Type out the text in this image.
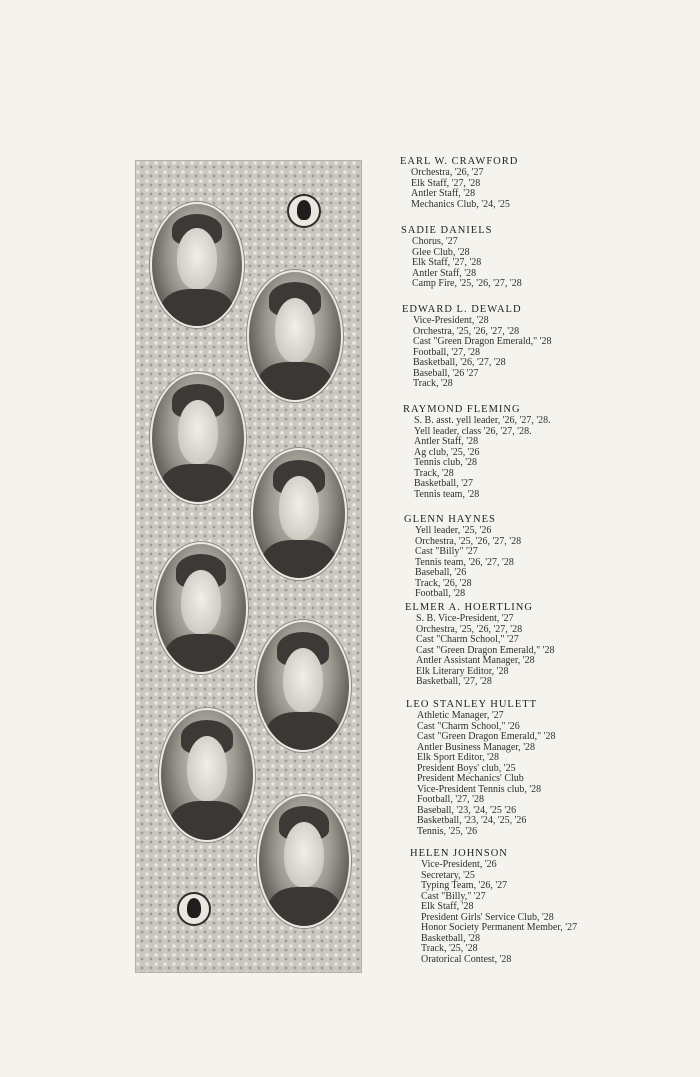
EARL W. CRAWFORD
Orchestra, '26, '27
Elk Staff, '27, '28
Antler Staff, '28
Mechanics Club, '24, '25
SADIE DANIELS
Chorus, '27
Glee Club, '28
Elk Staff, '27, '28
Antler Staff, '28
Camp Fire, '25, '26, '27, '28
EDWARD L. DEWALD
Vice-President, '28
Orchestra, '25, '26, '27, '28
Cast "Green Dragon Emerald," '28
Football, '27, '28
Basketball, '26, '27, '28
Baseball, '26 '27
Track, '28
RAYMOND FLEMING
S. B. asst. yell leader, '26, '27, '28.
Yell leader, class '26, '27, '28.
Antler Staff, '28
Ag club, '25, '26
Tennis club, '28
Track, '28
Basketball, '27
Tennis team, '28
GLENN HAYNES
Yell leader, '25, '26
Orchestra, '25, '26, '27, '28
Cast "Billy" '27
Tennis team, '26, '27, '28
Baseball, '26
Track, '26, '28
Football, '28
ELMER A. HOERTLING
S. B. Vice-President, '27
Orchestra, '25, '26, '27, '28
Cast "Charm School," '27
Cast "Green Dragon Emerald," '28
Antler Assistant Manager, '28
Elk Literary Editor, '28
Basketball, '27, '28
LEO STANLEY HULETT
Athletic Manager, '27
Cast "Charm School," '26
Cast "Green Dragon Emerald," '28
Antler Business Manager, '28
Elk Sport Editor, '28
President Boys' club, '25
President Mechanics' Club
Vice-President Tennis club, '28
Football, '27, '28
Baseball, '23, '24, '25 '26
Basketball, '23, '24, '25, '26
Tennis, '25, '26
HELEN JOHNSON
Vice-President, '26
Secretary, '25
Typing Team, '26, '27
Cast "Billy," '27
Elk Staff, '28
President Girls' Service Club, '28
Honor Society Permanent Member, '27
Basketball, '28
Track, '25, '28
Oratorical Contest, '28
